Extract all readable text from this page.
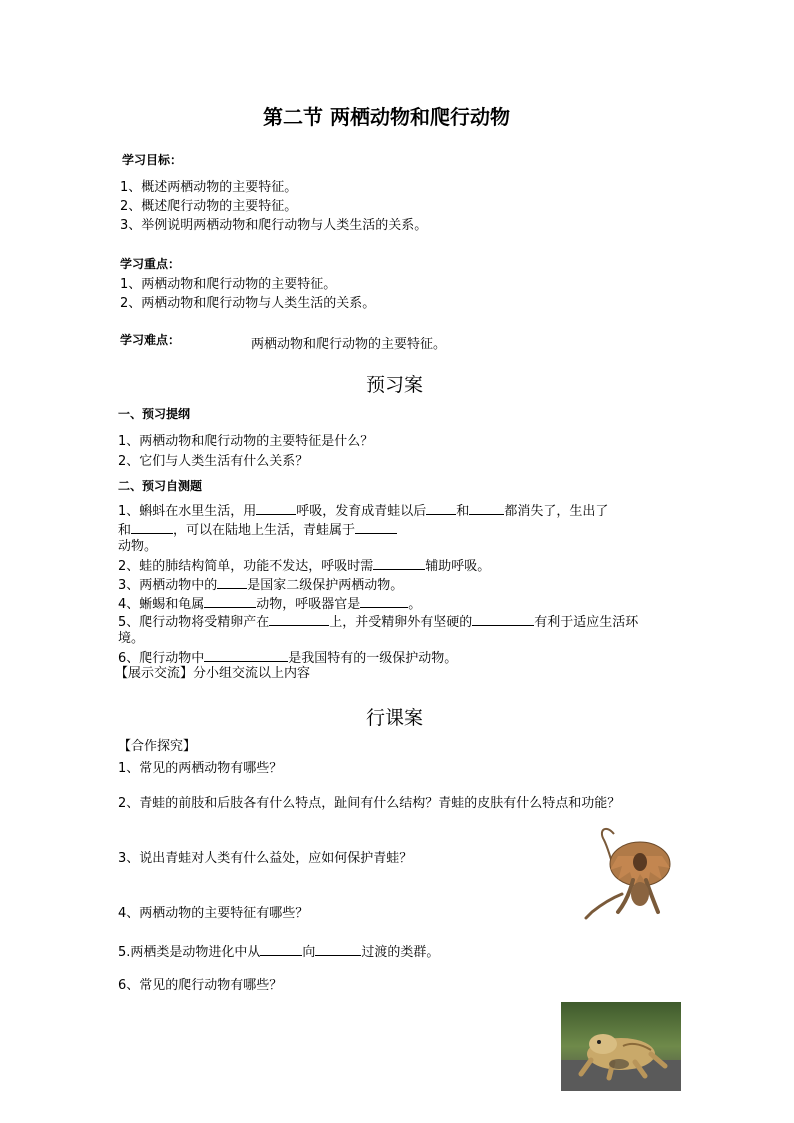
第二节 两栖动物和爬行动物
学习目标：
1、概述两栖动物的主要特征。
2、概述爬行动物的主要特征。
3、举例说明两栖动物和爬行动物与人类生活的关系。
学习重点：
1、两栖动物和爬行动物的主要特征。
2、两栖动物和爬行动物与人类生活的关系。
学习难点：	两栖动物和爬行动物的主要特征。
预习案
一、预习提纲
1、两栖动物和爬行动物的主要特征是什么？
2、它们与人类生活有什么关系？
二、预习自测题
1、蝌蚪在水里生活，用	呼吸，发育成青蛙以后 和	都消失了，生出了
和	，可以在陆地上生活，青蛙属于
动物。
2、蛙的肺结构简单，功能不发达，呼吸时需	辅助呼吸。
3、两栖动物中的 是国家二级保护两栖动物。
4、蜥蜴和龟属	动物，呼吸器官是	。
5、爬行动物将受精卵产在	上，并受精卵外有坚硬的	有利于适应生活环
境。
6、爬行动物中	是我国特有的一级保护动物。
【展示交流】分小组交流以上内容
行课案
【合作探究】
1、常见的两栖动物有哪些？
2、青蛙的前肢和后肢各有什么特点，趾间有什么结构？青蛙的皮肤有什么特点和功能？
3、说出青蛙对人类有什么益处，应如何保护青蛙？
4、两栖动物的主要特征有哪些？
5.两栖类是动物进化中从	向	过渡的类群。
6、常见的爬行动物有哪些？
